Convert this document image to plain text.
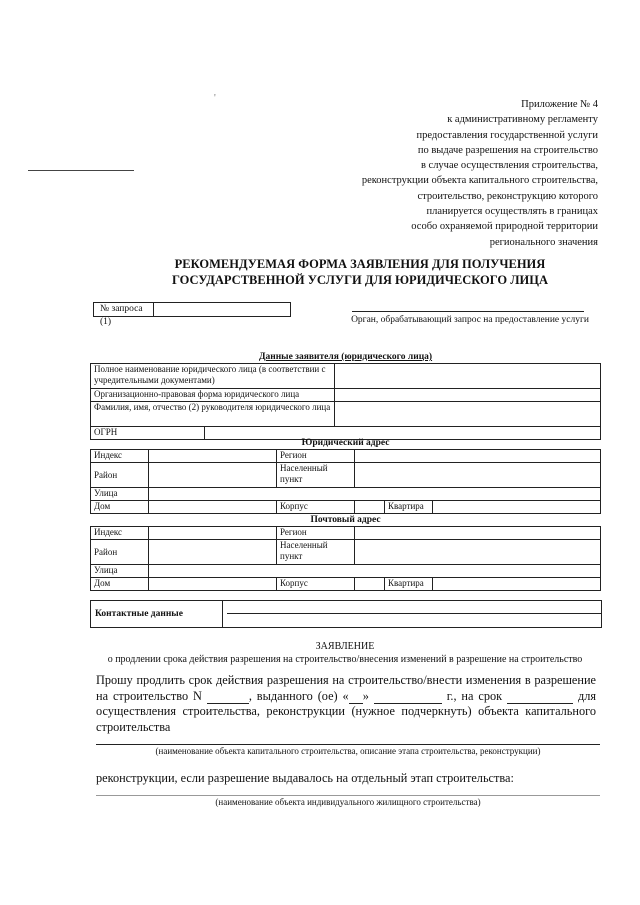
'
Приложение № 4
к административному регламенту
предоставления государственной услуги
по выдаче разрешения на строительство
в случае осуществления строительства,
реконструкции объекта капитального строительства,
строительство, реконструкцию которого
планируется осуществлять в границах
особо охраняемой природной территории
регионального значения
РЕКОМЕНДУЕМАЯ ФОРМА ЗАЯВЛЕНИЯ ДЛЯ ПОЛУЧЕНИЯ
ГОСУДАРСТВЕННОЙ УСЛУГИ ДЛЯ ЮРИДИЧЕСКОГО ЛИЦА
№ запроса (1)	Орган, обрабатывающий запрос на предоставление услуги
Данные заявителя (юридического лица)		
Полное наименование юридического лица (в соответствии с учредительными документами)	
Организационно-правовая форма юридического лица	
Фамилия, имя, отчество (2) руководителя юридического лица	
ОГРН	
Юридический адрес					
Индекс		Регион	
Район		Населенный пункт	
Улица	
Дом		Корпус		Квартира	
Почтовый адрес					
Индекс		Регион	
Район		Населенный пункт	
Улица	
Дом		Корпус		Квартира	
Контактные данные
ЗАЯВЛЕНИЕ
о продлении срока действия разрешения на строительство/внесения изменений в разрешение на строительство
Прошу продлить срок действия разрешения на строительство/внести изменения в разрешение на строительство N	, выданного (ое) « »	г., на срок	для осуществления строительства, реконструкции (нужное подчеркнуть) объекта капитального строительства
(наименование объекта капитального строительства, описание этапа строительства, реконструкции)
реконструкции, если разрешение выдавалось на отдельный этап строительства:
(наименование объекта индивидуального жилищного строительства)
